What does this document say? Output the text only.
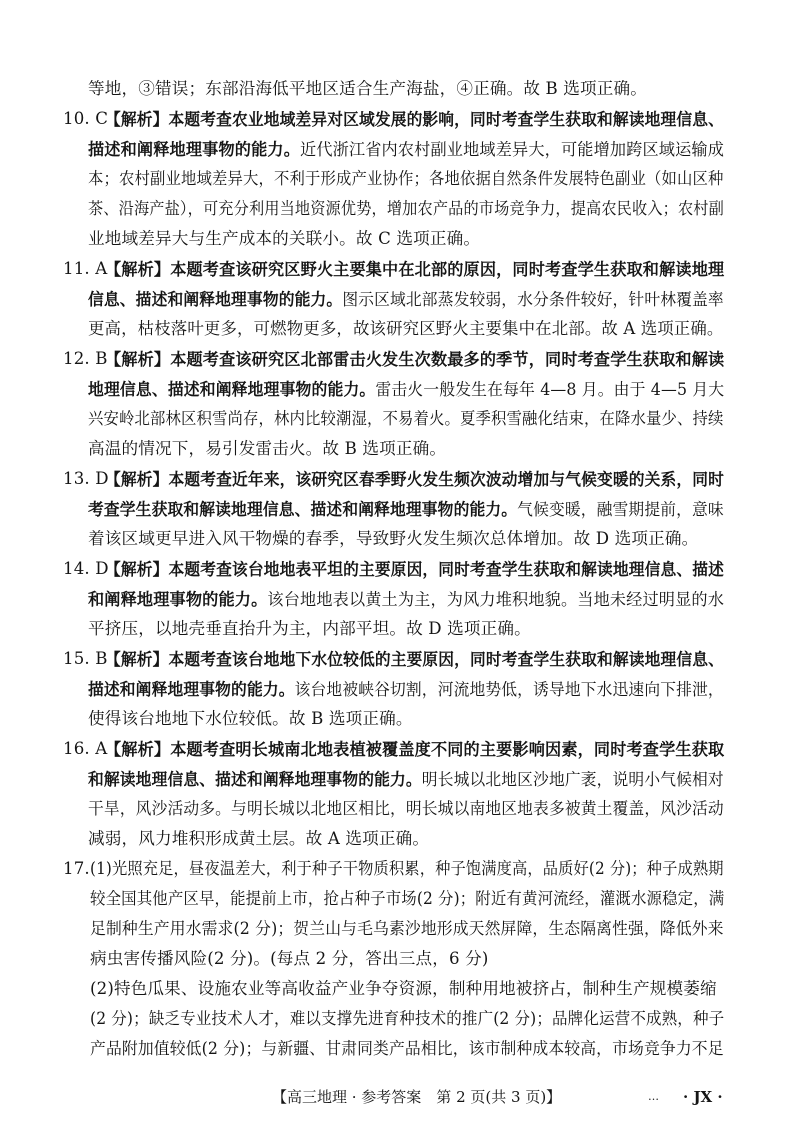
等地，③错误；东部沿海低平地区适合生产海盐，④正确。故 B 选项正确。
10. C
【解析】本题考查农业地域差异对区域发展的影响，同时考查学生获取和解读地理信息、
描述和阐释地理事物的能力。近代浙江省内农村副业地域差异大，可能增加跨区域运输成
本；农村副业地域差异大，不利于形成产业协作；各地依据自然条件发展特色副业（如山区种
茶、沿海产盐），可充分利用当地资源优势，增加农产品的市场竞争力，提高农民收入；农村副
业地域差异大与生产成本的关联小。故 C 选项正确。
11. A
【解析】本题考查该研究区野火主要集中在北部的原因，同时考查学生获取和解读地理
信息、描述和阐释地理事物的能力。图示区域北部蒸发较弱，水分条件较好，针叶林覆盖率
更高，枯枝落叶更多，可燃物更多，故该研究区野火主要集中在北部。故 A 选项正确。
12. B
【解析】本题考查该研究区北部雷击火发生次数最多的季节，同时考查学生获取和解读
地理信息、描述和阐释地理事物的能力。雷击火一般发生在每年 4—8 月。由于 4—5 月大
兴安岭北部林区积雪尚存，林内比较潮湿，不易着火。夏季积雪融化结束，在降水量少、持续
高温的情况下，易引发雷击火。故 B 选项正确。
13. D
【解析】本题考查近年来，该研究区春季野火发生频次波动增加与气候变暖的关系，同时
考查学生获取和解读地理信息、描述和阐释地理事物的能力。气候变暖，融雪期提前，意味
着该区域更早进入风干物燥的春季，导致野火发生频次总体增加。故 D 选项正确。
14. D
【解析】本题考查该台地地表平坦的主要原因，同时考查学生获取和解读地理信息、描述
和阐释地理事物的能力。该台地地表以黄土为主，为风力堆积地貌。当地未经过明显的水
平挤压，以地壳垂直抬升为主，内部平坦。故 D 选项正确。
15. B
【解析】本题考查该台地地下水位较低的主要原因，同时考查学生获取和解读地理信息、
描述和阐释地理事物的能力。该台地被峡谷切割，河流地势低，诱导地下水迅速向下排泄，
使得该台地地下水位较低。故 B 选项正确。
16. A
【解析】本题考查明长城南北地表植被覆盖度不同的主要影响因素，同时考查学生获取
和解读地理信息、描述和阐释地理事物的能力。明长城以北地区沙地广袤，说明小气候相对
干旱，风沙活动多。与明长城以北地区相比，明长城以南地区地表多被黄土覆盖，风沙活动
减弱，风力堆积形成黄土层。故 A 选项正确。
17. (1)光照充足，昼夜温差大，利于种子干物质积累，种子饱满度高，品质好(2 分)；种子成熟期
较全国其他产区早，能提前上市，抢占种子市场(2 分)；附近有黄河流经，灌溉水源稳定，满
足制种生产用水需求(2 分)；贺兰山与毛乌素沙地形成天然屏障，生态隔离性强，降低外来
病虫害传播风险(2 分)。(每点 2 分，答出三点，6 分)
(2)特色瓜果、设施农业等高收益产业争夺资源，制种用地被挤占，制种生产规模萎缩
(2 分)；缺乏专业技术人才，难以支撑先进育种技术的推广(2 分)；品牌化运营不成熟，种子
产品附加值较低(2 分)；与新疆、甘肃同类产品相比，该市制种成本较高，市场竞争力不足
【高三地理 · 参考答案　第 2 页(共 3 页)】	… · JX ·
